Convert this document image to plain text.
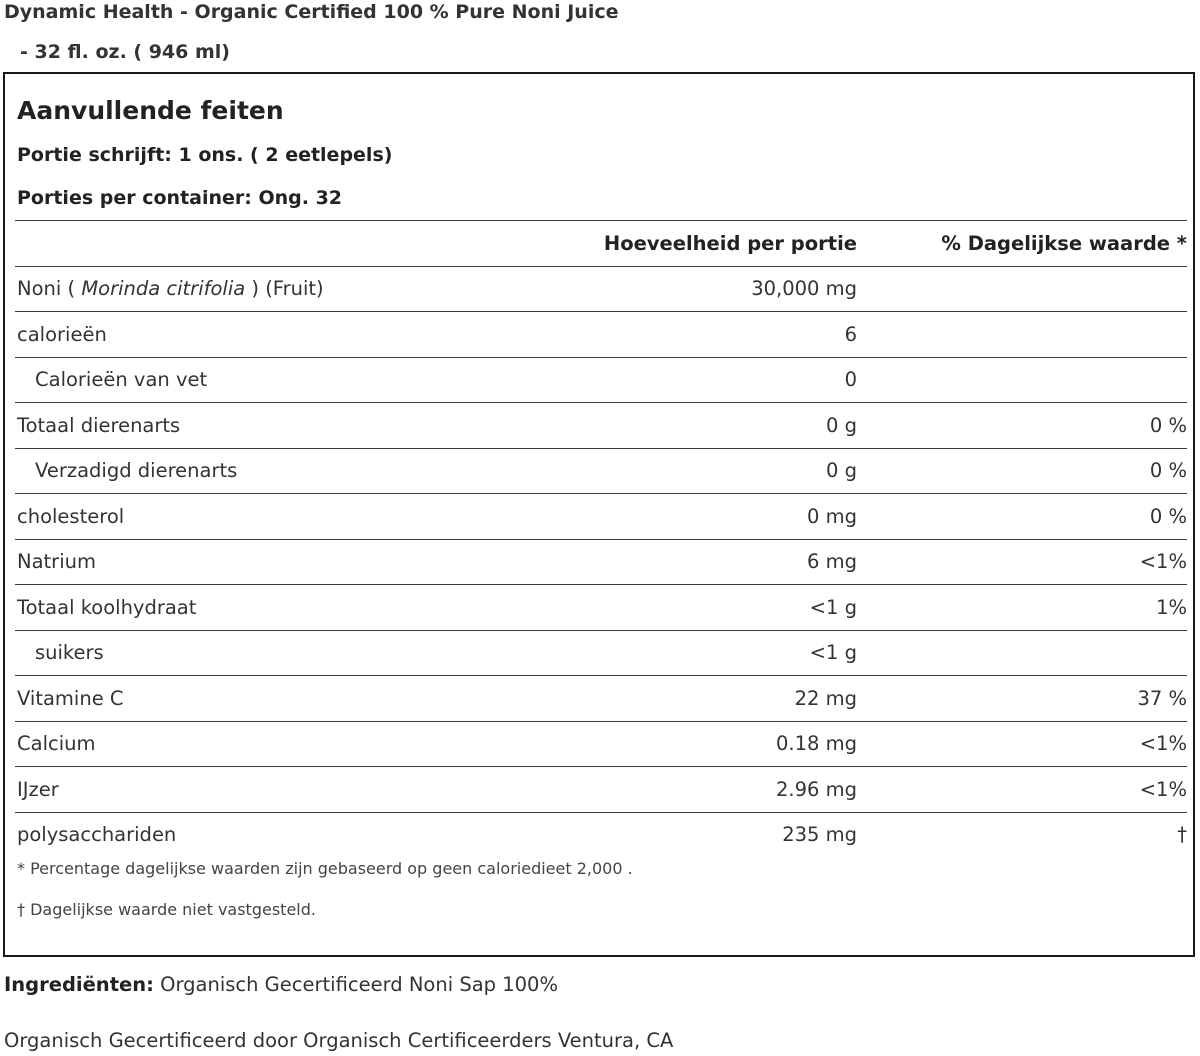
Dynamic Health - Organic Certified 100 % Pure Noni Juice
- 32 fl. oz. ( 946 ml)
Aanvullende feiten
Portie schrijft: 1 ons. ( 2 eetlepels)
Porties per container: Ong. 32
	Hoeveelheid per portie	% Dagelijkse waarde *
Noni ( Morinda citrifolia ) (Fruit)	30,000 mg	
calorieën	6	
Calorieën van vet	0	
Totaal dierenarts	0 g	0 %
Verzadigd dierenarts	0 g	0 %
cholesterol	0 mg	0 %
Natrium	6 mg	<1%
Totaal koolhydraat	<1 g	1%
suikers	<1 g	
Vitamine C	22 mg	37 %
Calcium	0.18 mg	<1%
IJzer	2.96 mg	<1%
polysacchariden	235 mg	†
* Percentage dagelijkse waarden zijn gebaseerd op geen caloriedieet 2,000 .
† Dagelijkse waarde niet vastgesteld.
Ingrediënten: Organisch Gecertificeerd Noni Sap 100%
Organisch Gecertificeerd door Organisch Certificeerders Ventura, CA
